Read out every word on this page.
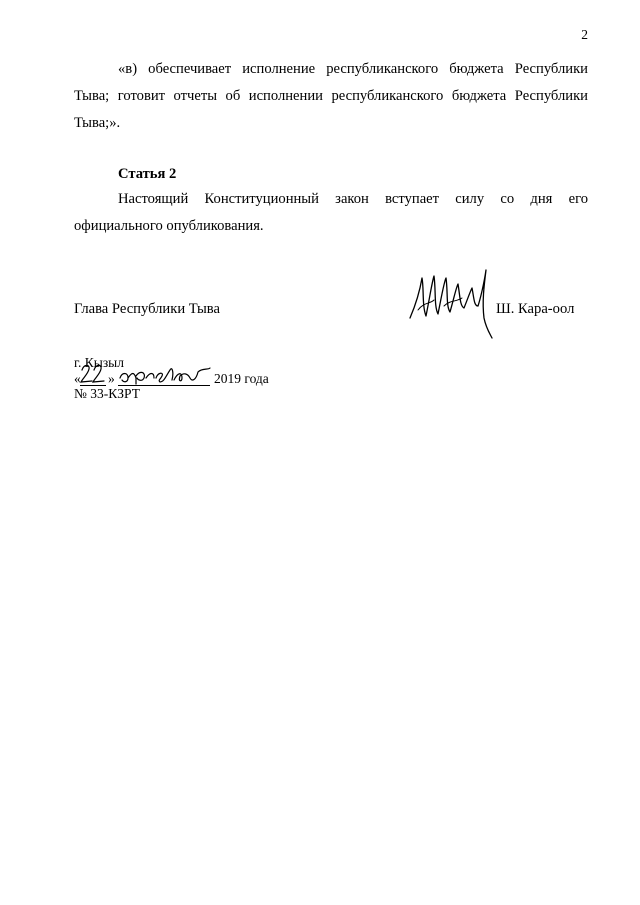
2
«в) обеспечивает исполнение республиканского бюджета Республики Тыва; готовит отчеты об исполнении республиканского бюджета Республики Тыва;».
Статья 2
Настоящий Конституционный закон вступает силу со дня его официального опубликования.
Глава Республики Тыва	Ш. Кара-оол
г. Кызыл
« »	2019 года
№ 33-КЗРТ
